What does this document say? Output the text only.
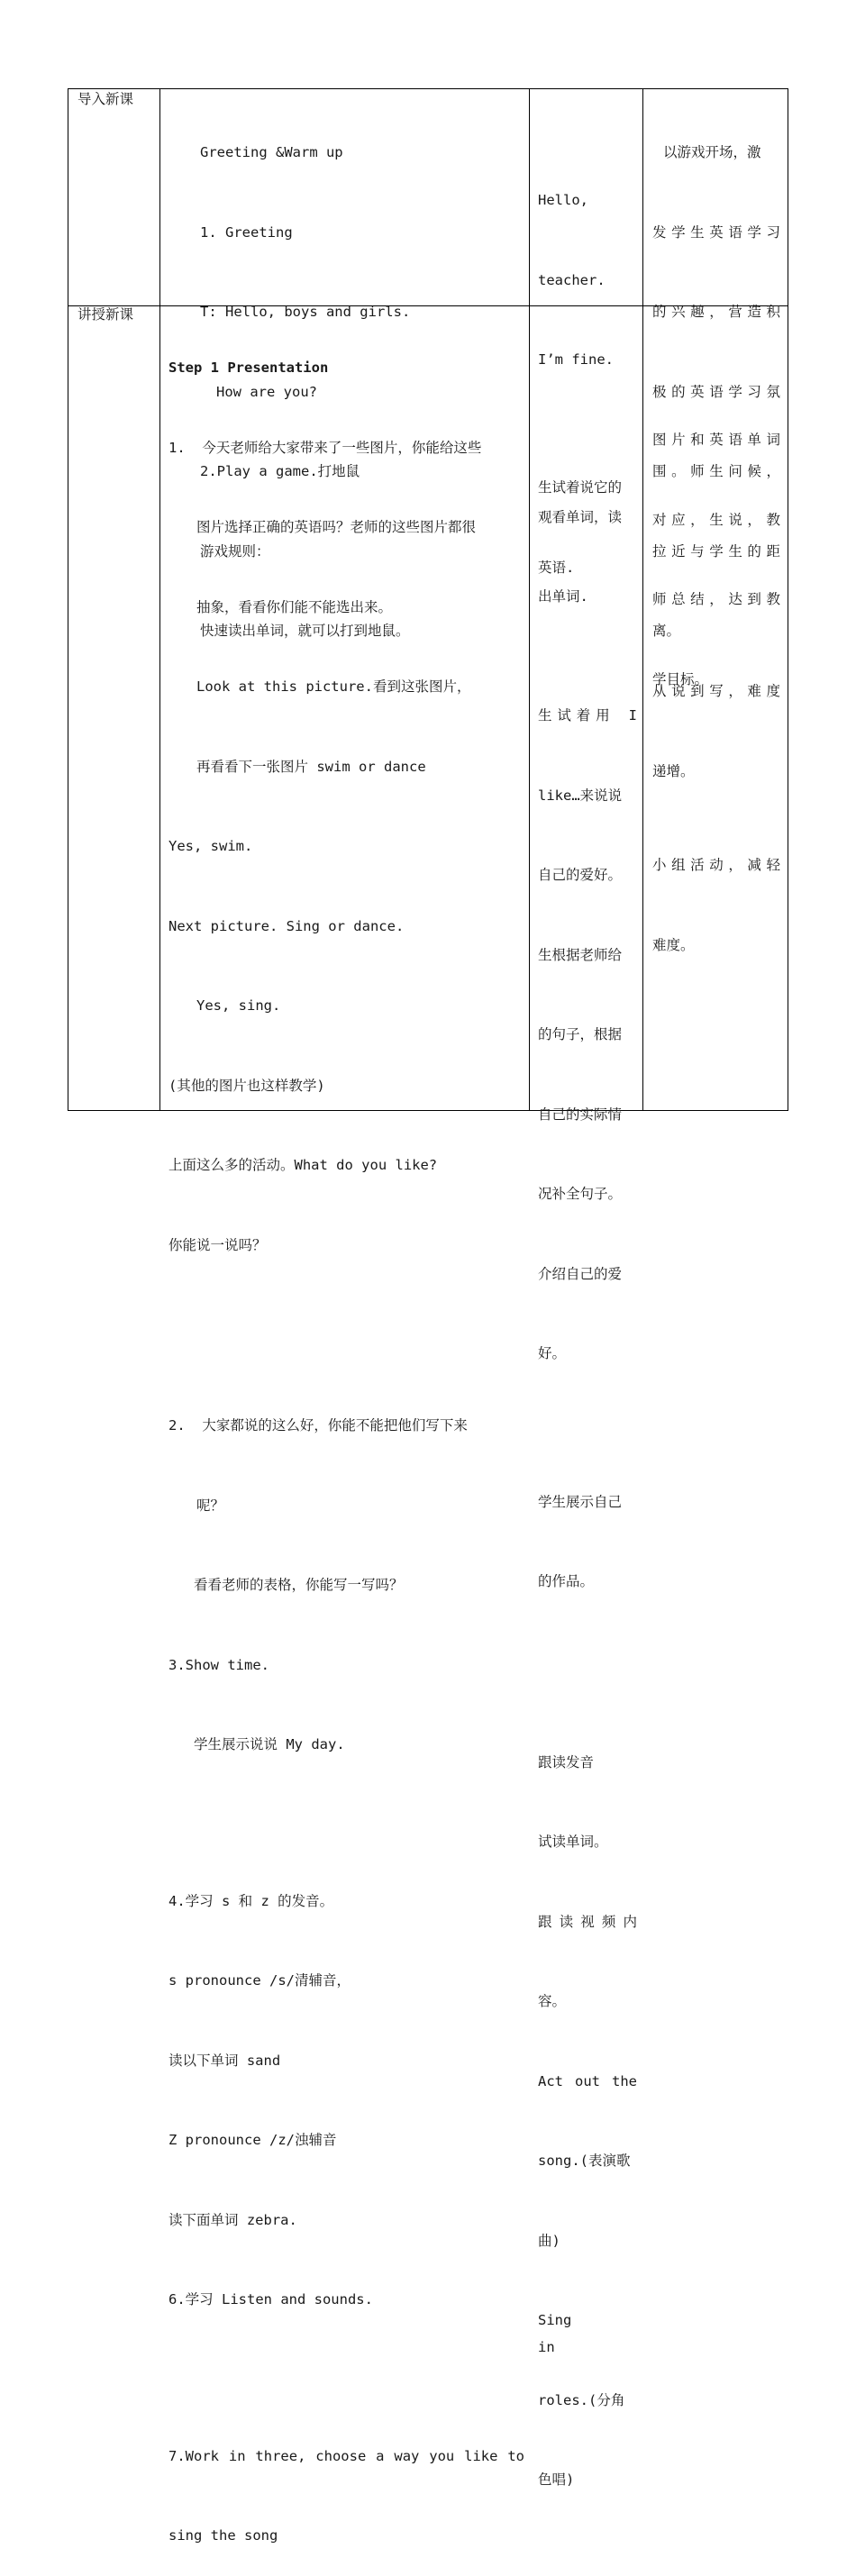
导入新课

Greeting &Warm up

1. Greeting

T: Hello, boys and girls.

How are you?

2.Play a game.打地鼠

游戏规则：

快速读出单词，就可以打到地鼠。

Hello,

teacher.

I’m fine.

观看单词，读

出单词.

以游戏开场，激

发学生英语学习

的兴趣，营造积

极的英语学习氛

围。师生问候，

拉近与学生的距

离。

讲授新课

Step 1 Presentation

1.  今天老师给大家带来了一些图片，你能给这些

图片选择正确的英语吗？老师的这些图片都很

抽象，看看你们能不能选出来。

Look at this picture.看到这张图片，

再看看下一张图片 swim or dance

Yes, swim.

Next picture. Sing or dance.

Yes, sing.

(其他的图片也这样教学)

上面这么多的活动。What do you like?

你能说一说吗？

2.  大家都说的这么好，你能不能把他们写下来

呢？

看看老师的表格，你能写一写吗？

3.Show time.

学生展示说说 My day.

4.学习 s 和 z 的发音。

s pronounce /s/清辅音，

读以下单词 sand

Z pronounce /z/浊辅音

读下面单词 zebra.

6.学习 Listen and sounds.

7.Work in three, choose a way you like to

sing the song

生试着说它的

英语.

生试着用 I

like…来说说

自己的爱好。

生根据老师给

的句子，根据

自己的实际情

况补全句子。

介绍自己的爱

好。

学生展示自己

的作品。

跟读发音

试读单词。

跟读视频内

容。

Act out the

song.(表演歌

曲)

Sing      in

roles.(分角

色唱)

图片和英语单词

对应，生说，教

师总结，达到教

学目标。

从说到写，难度

递增。

小组活动，减轻

难度。
